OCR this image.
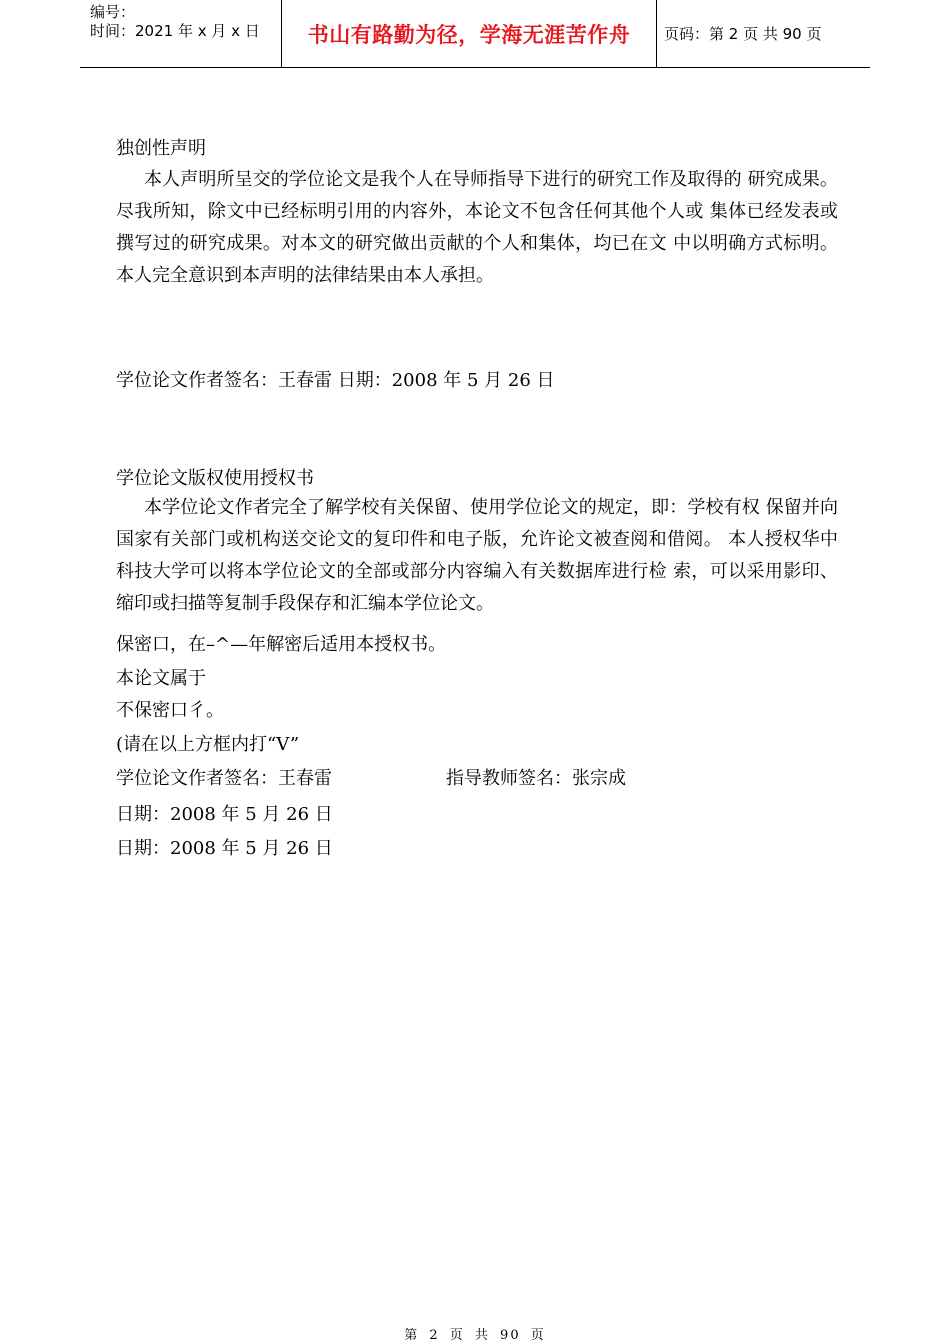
编号：
时间：2021 年 x 月 x 日	书山有路勤为径，学海无涯苦作舟	页码：第 2 页 共 90 页
独创性声明
本人声明所呈交的学位论文是我个人在导师指导下进行的研究工作及取得的 研究成果。尽我所知，除文中已经标明引用的内容外，本论文不包含任何其他个人或 集体已经发表或撰写过的研究成果。对本文的研究做出贡献的个人和集体，均已在文 中以明确方式标明。本人完全意识到本声明的法律结果由本人承担。
学位论文作者签名：王春雷 日期：2008 年 5 月 26 日
学位论文版权使用授权书
本学位论文作者完全了解学校有关保留、使用学位论文的规定，即：学校有权 保留并向国家有关部门或机构送交论文的复印件和电子版，允许论文被查阅和借阅。 本人授权华中科技大学可以将本学位论文的全部或部分内容编入有关数据库进行检 索，可以采用影印、缩印或扫描等复制手段保存和汇编本学位论文。
保密口，在–^—年解密后适用本授权书。
本论文属于
不保密口彳。
(请在以上方框内打“V”
学位论文作者签名：王春雷	指导教师签名：张宗成
日期：2008 年 5 月 26 日
日期：2008 年 5 月 26 日
第 2 页 共 90 页
